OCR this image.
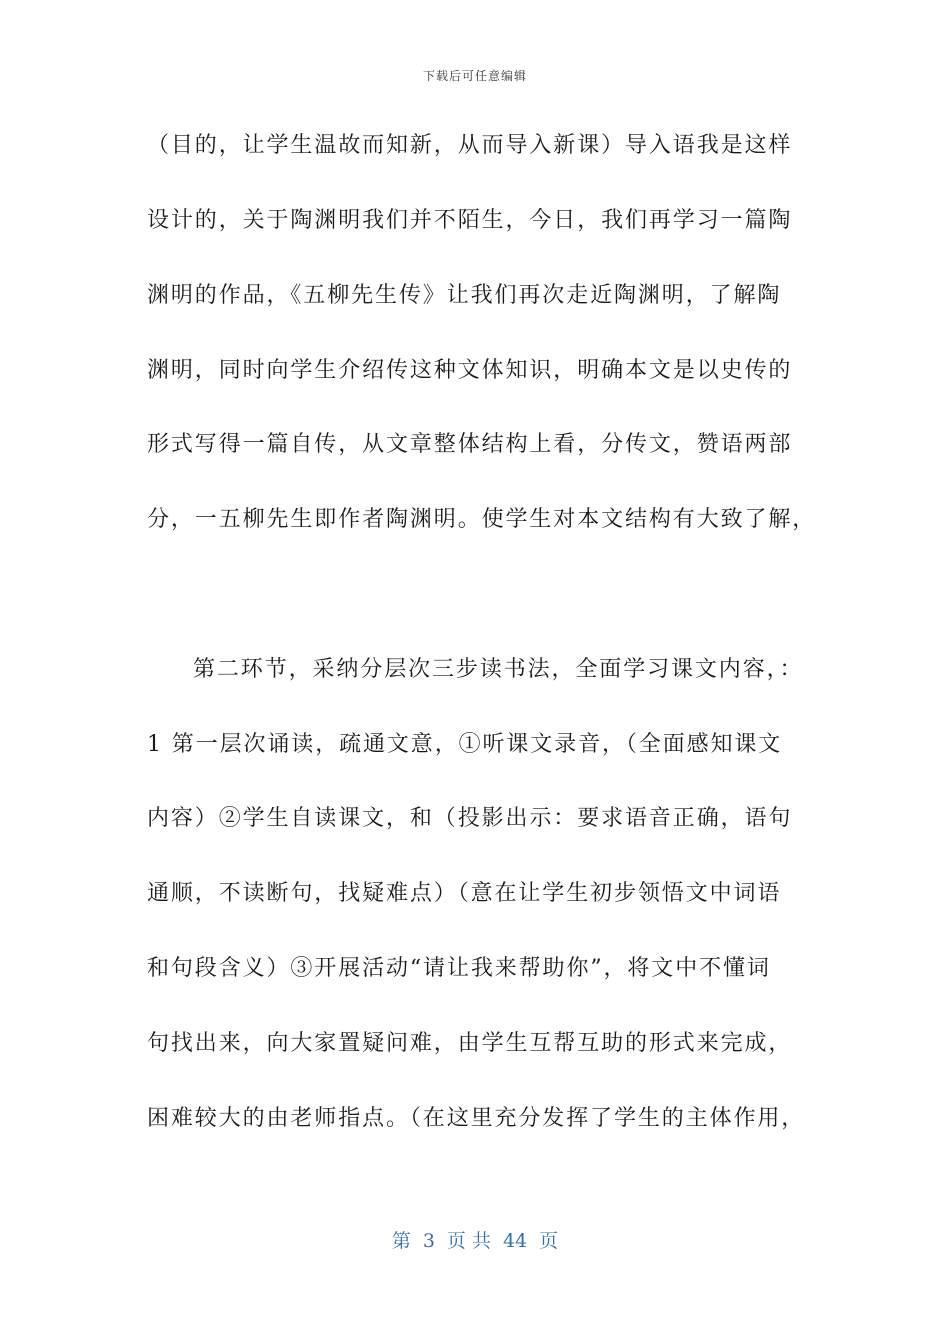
下载后可任意编辑
（目的，让学生温故而知新，从而导入新课）导入语我是这样
设计的，关于陶渊明我们并不陌生，今日，我们再学习一篇陶
渊明的作品，《五柳先生传》让我们再次走近陶渊明，了解陶
渊明，同时向学生介绍传这种文体知识，明确本文是以史传的
形式写得一篇自传，从文章整体结构上看，分传文，赞语两部
分，一五柳先生即作者陶渊明。使学生对本文结构有大致了解，
第二环节，采纳分层次三步读书法，全面学习课文内容，：
1 第一层次诵读，疏通文意，①听课文录音，（全面感知课文
内容）②学生自读课文，和（投影出示：要求语音正确，语句
通顺，不读断句，找疑难点）（意在让学生初步领悟文中词语
和句段含义）③开展活动“请让我来帮助你”，将文中不懂词
句找出来，向大家置疑问难，由学生互帮互助的形式来完成，
困难较大的由老师指点。（在这里充分发挥了学生的主体作用，
第 3 页 共 44 页
